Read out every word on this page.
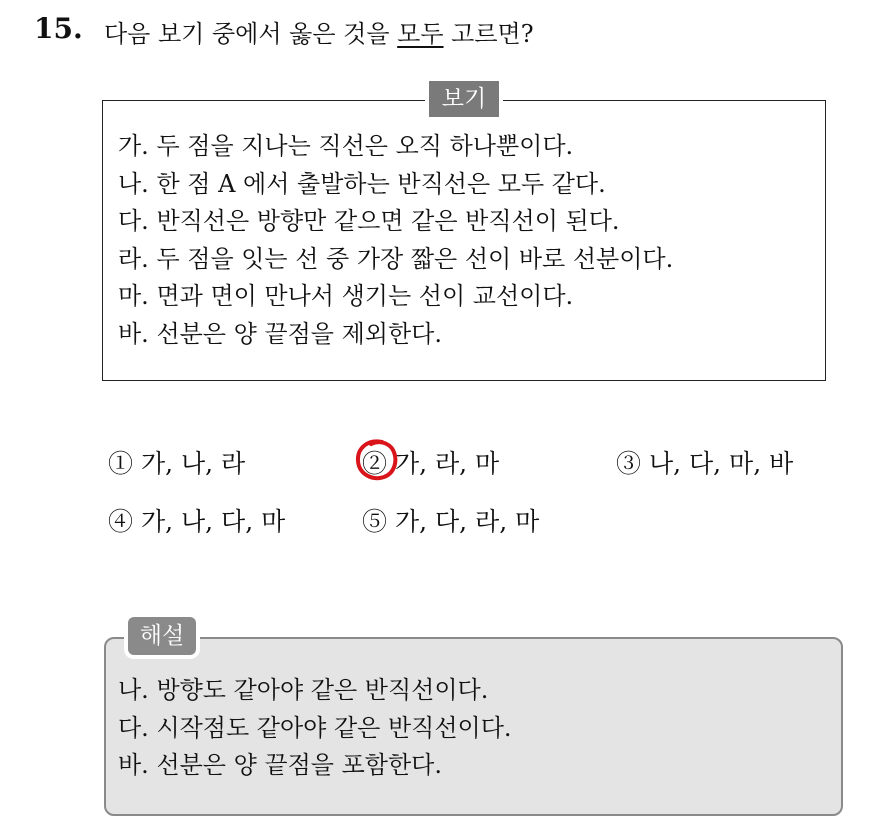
15. 다음 보기 중에서 옳은 것을 모두 고르면?
보기
가. 두 점을 지나는 직선은 오직 하나뿐이다.
나. 한 점 A 에서 출발하는 반직선은 모두 같다.
다. 반직선은 방향만 같으면 같은 반직선이 된다.
라. 두 점을 잇는 선 중 가장 짧은 선이 바로 선분이다.
마. 면과 면이 만나서 생기는 선이 교선이다.
바. 선분은 양 끝점을 제외한다.
① 가, 나, 라	② 가, 라, 마	③ 나, 다, 마, 바
④ 가, 나, 다, 마	⑤ 가, 다, 라, 마
해설
나. 방향도 같아야 같은 반직선이다.
다. 시작점도 같아야 같은 반직선이다.
바. 선분은 양 끝점을 포함한다.
